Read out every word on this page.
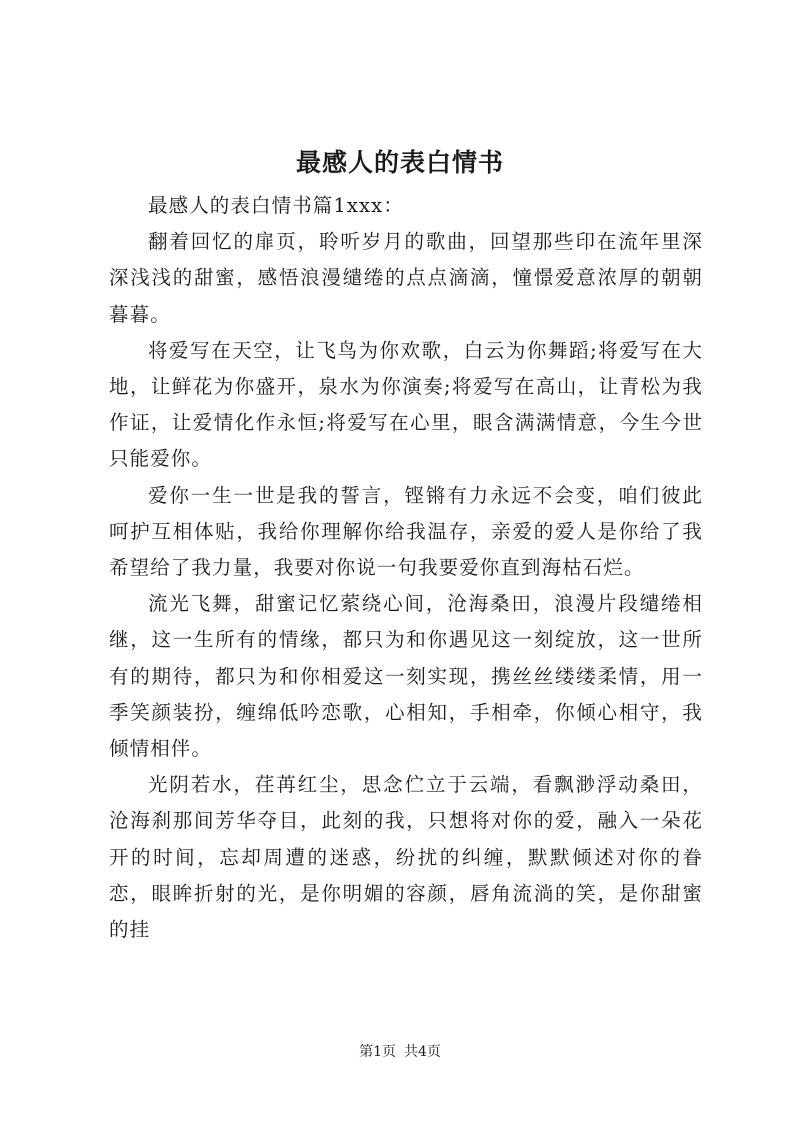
最感人的表白情书

最感人的表白情书篇1xxx：

翻着回忆的扉页，聆听岁月的歌曲，回望那些印在流年里深深浅浅的甜蜜，感悟浪漫缱绻的点点滴滴，憧憬爱意浓厚的朝朝暮暮。

将爱写在天空，让飞鸟为你欢歌，白云为你舞蹈;将爱写在大地，让鲜花为你盛开，泉水为你演奏;将爱写在高山，让青松为我作证，让爱情化作永恒;将爱写在心里，眼含满满情意，今生今世只能爱你。

爱你一生一世是我的誓言，铿锵有力永远不会变，咱们彼此呵护互相体贴，我给你理解你给我温存，亲爱的爱人是你给了我希望给了我力量，我要对你说一句我要爱你直到海枯石烂。

流光飞舞，甜蜜记忆萦绕心间，沧海桑田，浪漫片段缱绻相继，这一生所有的情缘，都只为和你遇见这一刻绽放，这一世所有的期待，都只为和你相爱这一刻实现，携丝丝缕缕柔情，用一季笑颜装扮，缠绵低吟恋歌，心相知，手相牵，你倾心相守，我倾情相伴。

光阴若水，荏苒红尘，思念伫立于云端，看飘渺浮动桑田，沧海刹那间芳华夺目，此刻的我，只想将对你的爱，融入一朵花开的时间，忘却周遭的迷惑，纷扰的纠缠，默默倾述对你的眷恋，眼眸折射的光，是你明媚的容颜，唇角流淌的笑，是你甜蜜的挂

第1页 共4页
